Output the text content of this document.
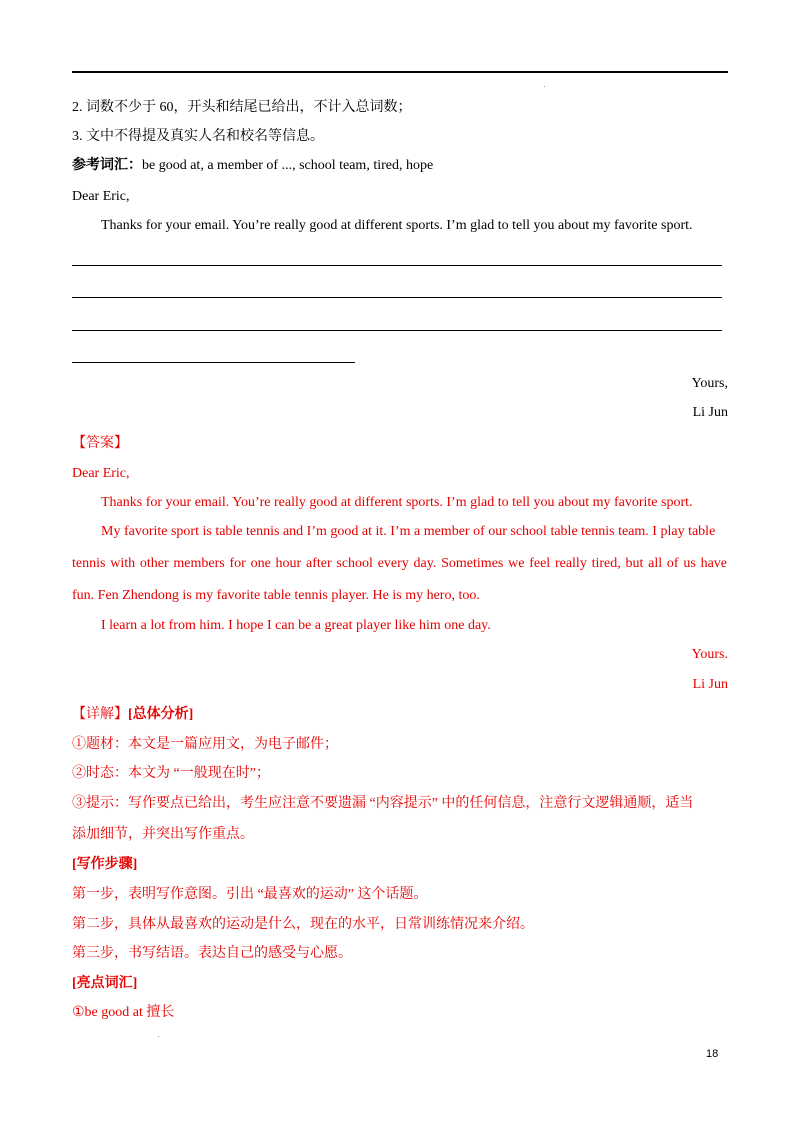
2. 词数不少于 60，开头和结尾已给出，不计入总词数；
3. 文中不得提及真实人名和校名等信息。
参考词汇：be good at, a member of ..., school team, tired, hope
Dear Eric,
Thanks for your email. You’re really good at different sports. I’m glad to tell you about my favorite sport.
Yours,
Li Jun
【答案】
Dear Eric,
Thanks for your email. You’re really good at different sports. I’m glad to tell you about my favorite sport.
My favorite sport is table tennis and I’m good at it. I’m a member of our school table tennis team. I play table
tennis with other members for one hour after school every day. Sometimes we feel really tired, but all of us have
fun. Fen Zhendong is my favorite table tennis player. He is my hero, too.
I learn a lot from him. I hope I can be a great player like him one day.
Yours.
Li Jun
【详解】[总体分析]
①题材：本文是一篇应用文，为电子邮件；
②时态：本文为 “一般现在时”；
③提示：写作要点已给出，考生应注意不要遗漏 “内容提示” 中的任何信息，注意行文逻辑通顺，适当
添加细节，并突出写作重点。
[写作步骤]
第一步，表明写作意图。引出 “最喜欢的运动” 这个话题。
第二步，具体从最喜欢的运动是什么，现在的水平，日常训练情况来介绍。
第三步，书写结语。表达自己的感受与心愿。
[亮点词汇]
①be good at 擅长
18
